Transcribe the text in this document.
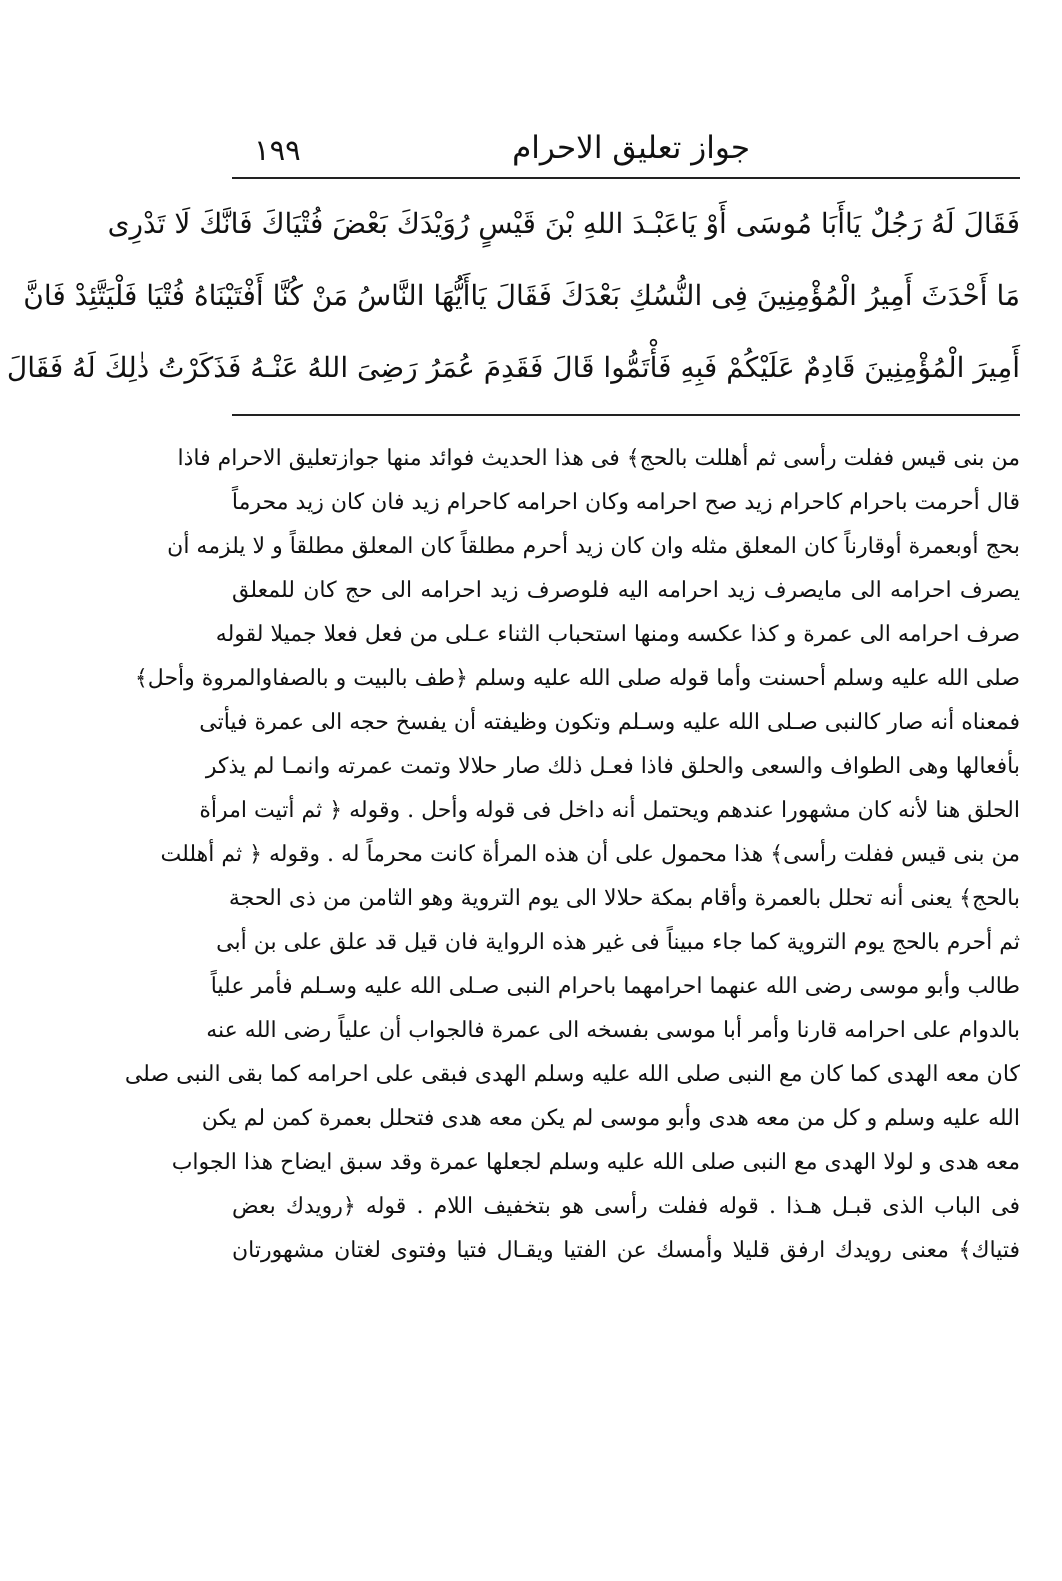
جواز تعليق الاحرام
١٩٩
فَقَالَ لَهُ رَجُلٌ يَاأَبَا مُوسَى أَوْ يَاعَبْـدَ اللهِ بْنَ قَيْسٍ رُوَيْدَكَ بَعْضَ فُتْيَاكَ فَانَّكَ لَا تَدْرِى
مَا أَحْدَثَ أَمِيرُ الْمُؤْمِنِينَ فِى النُّسُكِ بَعْدَكَ فَقَالَ يَاأَيُّهَا النَّاسُ مَنْ كُنَّا أَفْتَيْنَاهُ فُتْيَا فَلْيَتَّئِدْ فَانَّ
أَمِيرَ الْمُؤْمِنِينَ قَادِمٌ عَلَيْكُمْ فَبِهِ فَأْتَمُّوا قَالَ فَقَدِمَ عُمَرُ رَضِىَ اللهُ عَنْـهُ فَذَكَرْتُ ذٰلِكَ لَهُ فَقَالَ
من بنى قيس ففلت رأسى ثم أهللت بالحج﴾ فى هذا الحديث فوائد منها جوازتعليق الاحرام فاذا
قال أحرمت باحرام كاحرام زيد صح احرامه وكان احرامه كاحرام زيد فان كان زيد محرماً
بحج أوبعمرة أوقارناً كان المعلق مثله وان كان زيد أحرم مطلقاً كان المعلق مطلقاً و لا يلزمه أن
يصرف احرامه الى مايصرف زيد احرامه اليه فلوصرف زيد احرامه الى حج كان للمعلق
صرف احرامه الى عمرة و كذا عكسه ومنها استحباب الثناء عـلى من فعل فعلا جميلا لقوله
صلى الله عليه وسلم أحسنت وأما قوله صلى الله عليه وسلم ﴿طف بالبيت و بالصفاوالمروة وأحل﴾
فمعناه أنه صار كالنبى صـلى الله عليه وسـلم وتكون وظيفته أن يفسخ حجه الى عمرة فيأتى
بأفعالها وهى الطواف والسعى والحلق فاذا فعـل ذلك صار حلالا وتمت عمرته وانمـا لم يذكر
الحلق هنا لأنه كان مشهورا عندهم ويحتمل أنه داخل فى قوله وأحل . وقوله ﴿ ثم أتيت امرأة
من بنى قيس ففلت رأسى﴾ هذا محمول على أن هذه المرأة كانت محرماً له . وقوله ﴿ ثم أهللت
بالحج﴾ يعنى أنه تحلل بالعمرة وأقام بمكة حلالا الى يوم التروية وهو الثامن من ذى الحجة
ثم أحرم بالحج يوم التروية كما جاء مبيناً فى غير هذه الرواية فان قيل قد علق على بن أبى
طالب وأبو موسى رضى الله عنهما احرامهما باحرام النبى صـلى الله عليه وسـلم فأمر علياً
بالدوام على احرامه قارنا وأمر أبا موسى بفسخه الى عمرة فالجواب أن علياً رضى الله عنه
كان معه الهدى كما كان مع النبى صلى الله عليه وسلم الهدى فبقى على احرامه كما بقى النبى صلى
الله عليه وسلم و كل من معه هدى وأبو موسى لم يكن معه هدى فتحلل بعمرة كمن لم يكن
معه هدى و لولا الهدى مع النبى صلى الله عليه وسلم لجعلها عمرة وقد سبق ايضاح هذا الجواب
فى الباب الذى قبـل هـذا . قوله ففلت رأسى هو بتخفيف اللام . قوله ﴿رويدك بعض
فتياك﴾ معنى رويدك ارفق قليلا وأمسك عن الفتيا ويقـال فتيا وفتوى لغتان مشهورتان
